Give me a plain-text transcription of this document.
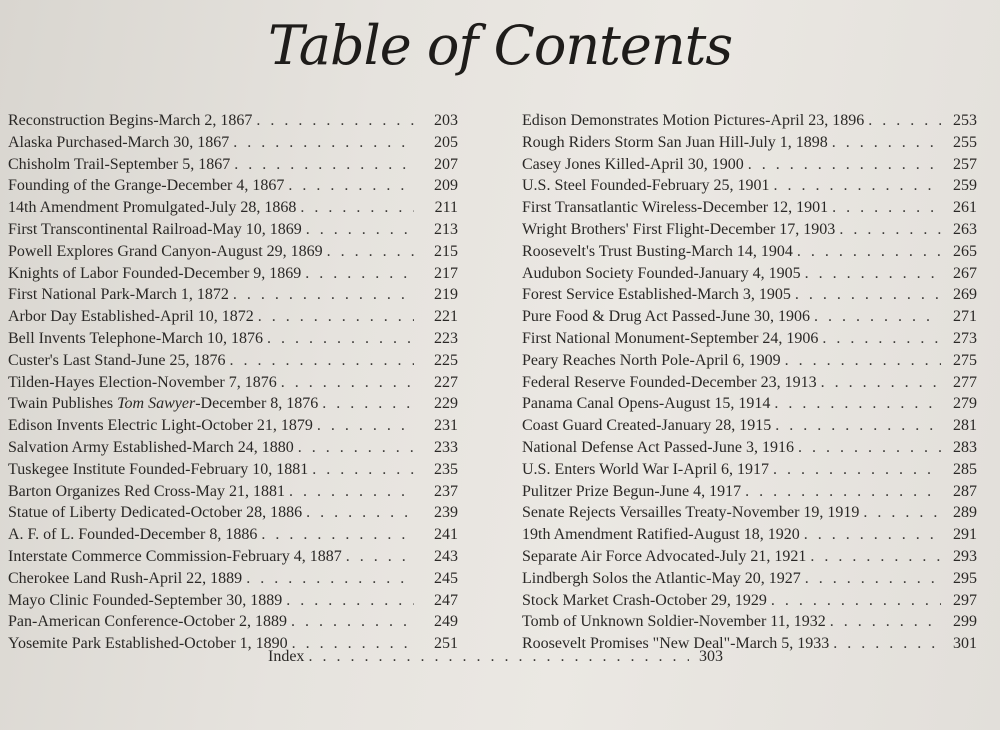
Table of Contents
Reconstruction Begins-March 2, 1867 . . .	203
Alaska Purchased-March 30, 1867 . . .	205
Chisholm Trail-September 5, 1867 . . .	207
Founding of the Grange-December 4, 1867 . . .	209
14th Amendment Promulgated-July 28, 1868 . . .	211
First Transcontinental Railroad-May 10, 1869 . . .	213
Powell Explores Grand Canyon-August 29, 1869 . . .	215
Knights of Labor Founded-December 9, 1869 . . .	217
First National Park-March 1, 1872 . . .	219
Arbor Day Established-April 10, 1872 . . .	221
Bell Invents Telephone-March 10, 1876 . . .	223
Custer's Last Stand-June 25, 1876 . . .	225
Tilden-Hayes Election-November 7, 1876 . . .	227
Twain Publishes Tom Sawyer-December 8, 1876 . . .	229
Edison Invents Electric Light-October 21, 1879 . . .	231
Salvation Army Established-March 24, 1880 . . .	233
Tuskegee Institute Founded-February 10, 1881 . . .	235
Barton Organizes Red Cross-May 21, 1881 . . .	237
Statue of Liberty Dedicated-October 28, 1886 . . .	239
A. F. of L. Founded-December 8, 1886 . . .	241
Interstate Commerce Commission-February 4, 1887 . . .	243
Cherokee Land Rush-April 22, 1889 . . .	245
Mayo Clinic Founded-September 30, 1889 . . .	247
Pan-American Conference-October 2, 1889 . . .	249
Yosemite Park Established-October 1, 1890 . . .	251
Edison Demonstrates Motion Pictures-April 23, 1896 . . .	253
Rough Riders Storm San Juan Hill-July 1, 1898 . . .	255
Casey Jones Killed-April 30, 1900 . . .	257
U.S. Steel Founded-February 25, 1901 . . .	259
First Transatlantic Wireless-December 12, 1901 . . .	261
Wright Brothers' First Flight-December 17, 1903 . . .	263
Roosevelt's Trust Busting-March 14, 1904 . . .	265
Audubon Society Founded-January 4, 1905 . . .	267
Forest Service Established-March 3, 1905 . . .	269
Pure Food & Drug Act Passed-June 30, 1906 . . .	271
First National Monument-September 24, 1906 . . .	273
Peary Reaches North Pole-April 6, 1909 . . .	275
Federal Reserve Founded-December 23, 1913 . . .	277
Panama Canal Opens-August 15, 1914 . . .	279
Coast Guard Created-January 28, 1915 . . .	281
National Defense Act Passed-June 3, 1916 . . .	283
U.S. Enters World War I-April 6, 1917 . . .	285
Pulitzer Prize Begun-June 4, 1917 . . .	287
Senate Rejects Versailles Treaty-November 19, 1919 . . .	289
19th Amendment Ratified-August 18, 1920 . . .	291
Separate Air Force Advocated-July 21, 1921 . . .	293
Lindbergh Solos the Atlantic-May 20, 1927 . . .	295
Stock Market Crash-October 29, 1929 . . .	297
Tomb of Unknown Soldier-November 11, 1932 . . .	299
Roosevelt Promises "New Deal"-March 5, 1933 . . .	301
Index . . .	303
